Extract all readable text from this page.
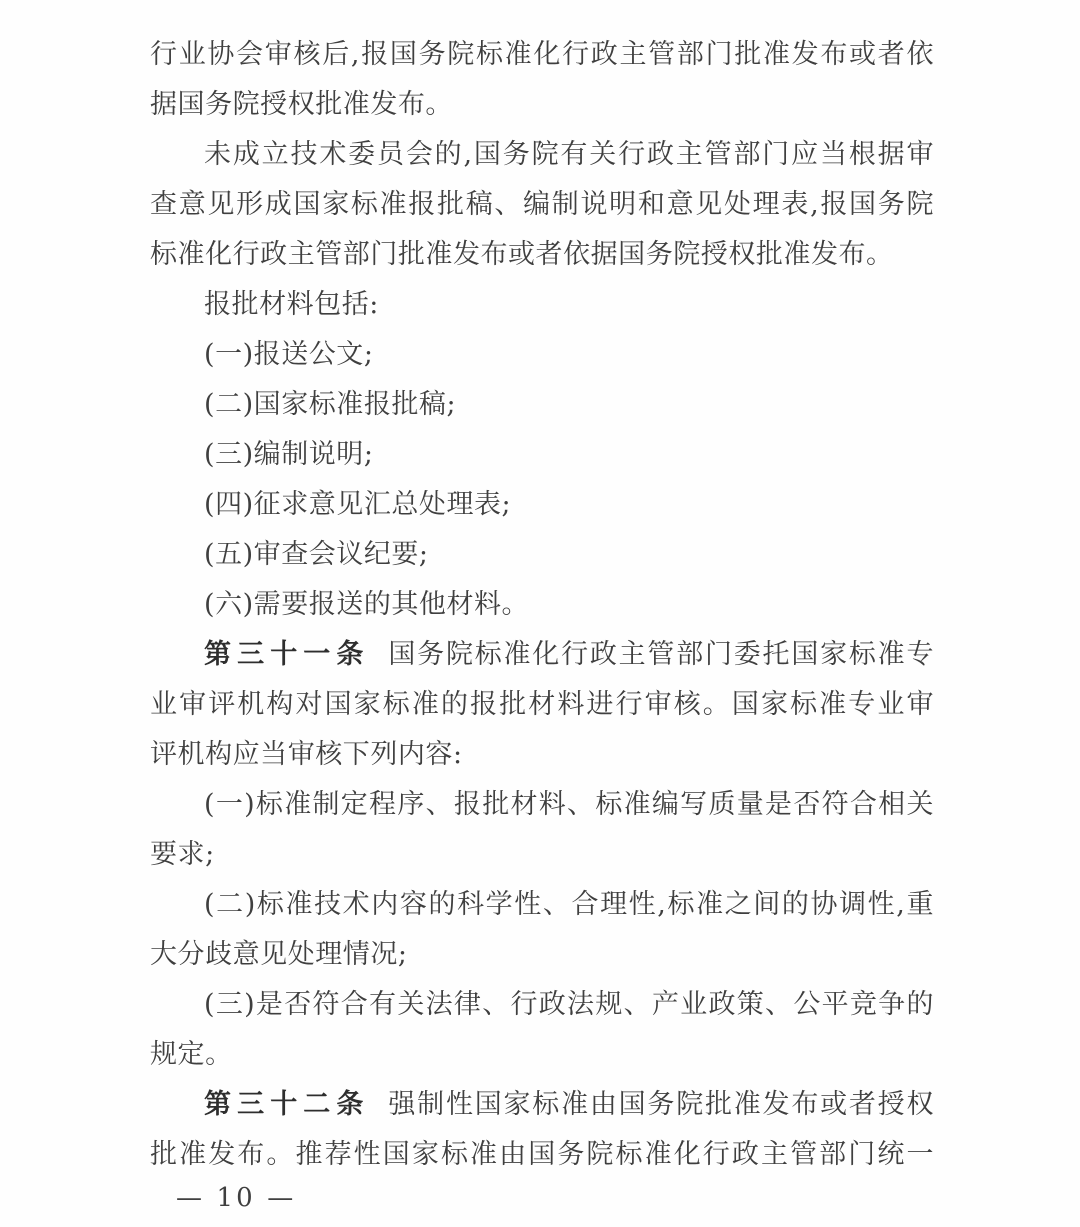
行业协会审核后,报国务院标准化行政主管部门批准发布或者依
据国务院授权批准发布。
未成立技术委员会的,国务院有关行政主管部门应当根据审
查意见形成国家标准报批稿、编制说明和意见处理表,报国务院
标准化行政主管部门批准发布或者依据国务院授权批准发布。
报批材料包括:
(一)报送公文;
(二)国家标准报批稿;
(三)编制说明;
(四)征求意见汇总处理表;
(五)审查会议纪要;
(六)需要报送的其他材料。
第三十一条 国务院标准化行政主管部门委托国家标准专
业审评机构对国家标准的报批材料进行审核。国家标准专业审
评机构应当审核下列内容:
(一)标准制定程序、报批材料、标准编写质量是否符合相关
要求;
(二)标准技术内容的科学性、合理性,标准之间的协调性,重
大分歧意见处理情况;
(三)是否符合有关法律、行政法规、产业政策、公平竞争的
规定。
第三十二条 强制性国家标准由国务院批准发布或者授权
批准发布。推荐性国家标准由国务院标准化行政主管部门统一
— 10 —
